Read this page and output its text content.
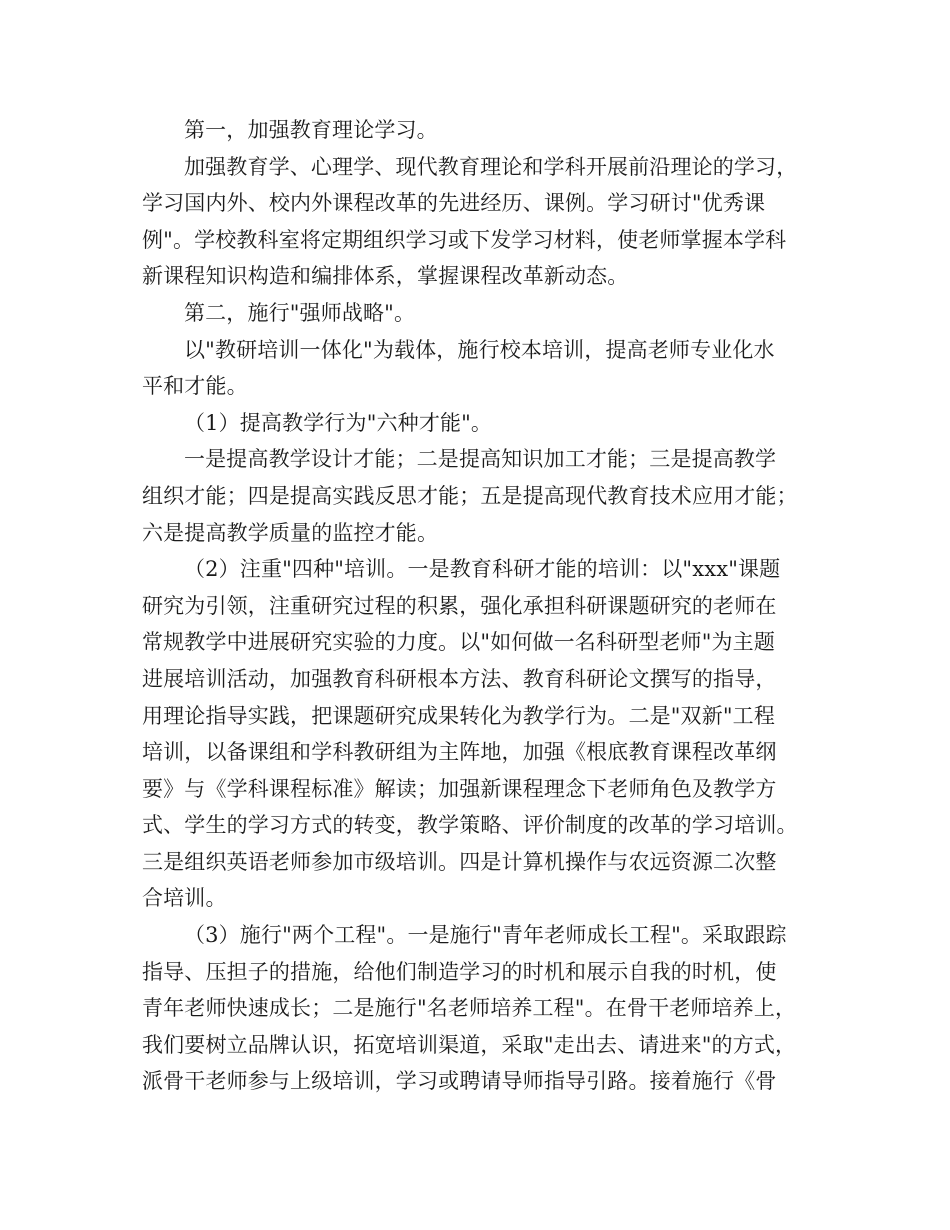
第一，加强教育理论学习。
加强教育学、心理学、现代教育理论和学科开展前沿理论的学习，
学习国内外、校内外课程改革的先进经历、课例。学习研讨"优秀课
例"。学校教科室将定期组织学习或下发学习材料，使老师掌握本学科
新课程知识构造和编排体系，掌握课程改革新动态。
第二，施行"强师战略"。
以"教研培训一体化"为载体，施行校本培训，提高老师专业化水
平和才能。
（1）提高教学行为"六种才能"。
一是提高教学设计才能；二是提高知识加工才能；三是提高教学
组织才能；四是提高实践反思才能；五是提高现代教育技术应用才能；
六是提高教学质量的监控才能。
（2）注重"四种"培训。一是教育科研才能的培训：以"xxx"课题
研究为引领，注重研究过程的积累，强化承担科研课题研究的老师在
常规教学中进展研究实验的力度。以"如何做一名科研型老师"为主题
进展培训活动，加强教育科研根本方法、教育科研论文撰写的指导，
用理论指导实践，把课题研究成果转化为教学行为。二是"双新"工程
培训，以备课组和学科教研组为主阵地，加强《根底教育课程改革纲
要》与《学科课程标准》解读；加强新课程理念下老师角色及教学方
式、学生的学习方式的转变，教学策略、评价制度的改革的学习培训。
三是组织英语老师参加市级培训。四是计算机操作与农远资源二次整
合培训。
（3）施行"两个工程"。一是施行"青年老师成长工程"。采取跟踪
指导、压担子的措施，给他们制造学习的时机和展示自我的时机，使
青年老师快速成长；二是施行"名老师培养工程"。在骨干老师培养上，
我们要树立品牌认识，拓宽培训渠道，采取"走出去、请进来"的方式，
派骨干老师参与上级培训，学习或聘请导师指导引路。接着施行《骨
